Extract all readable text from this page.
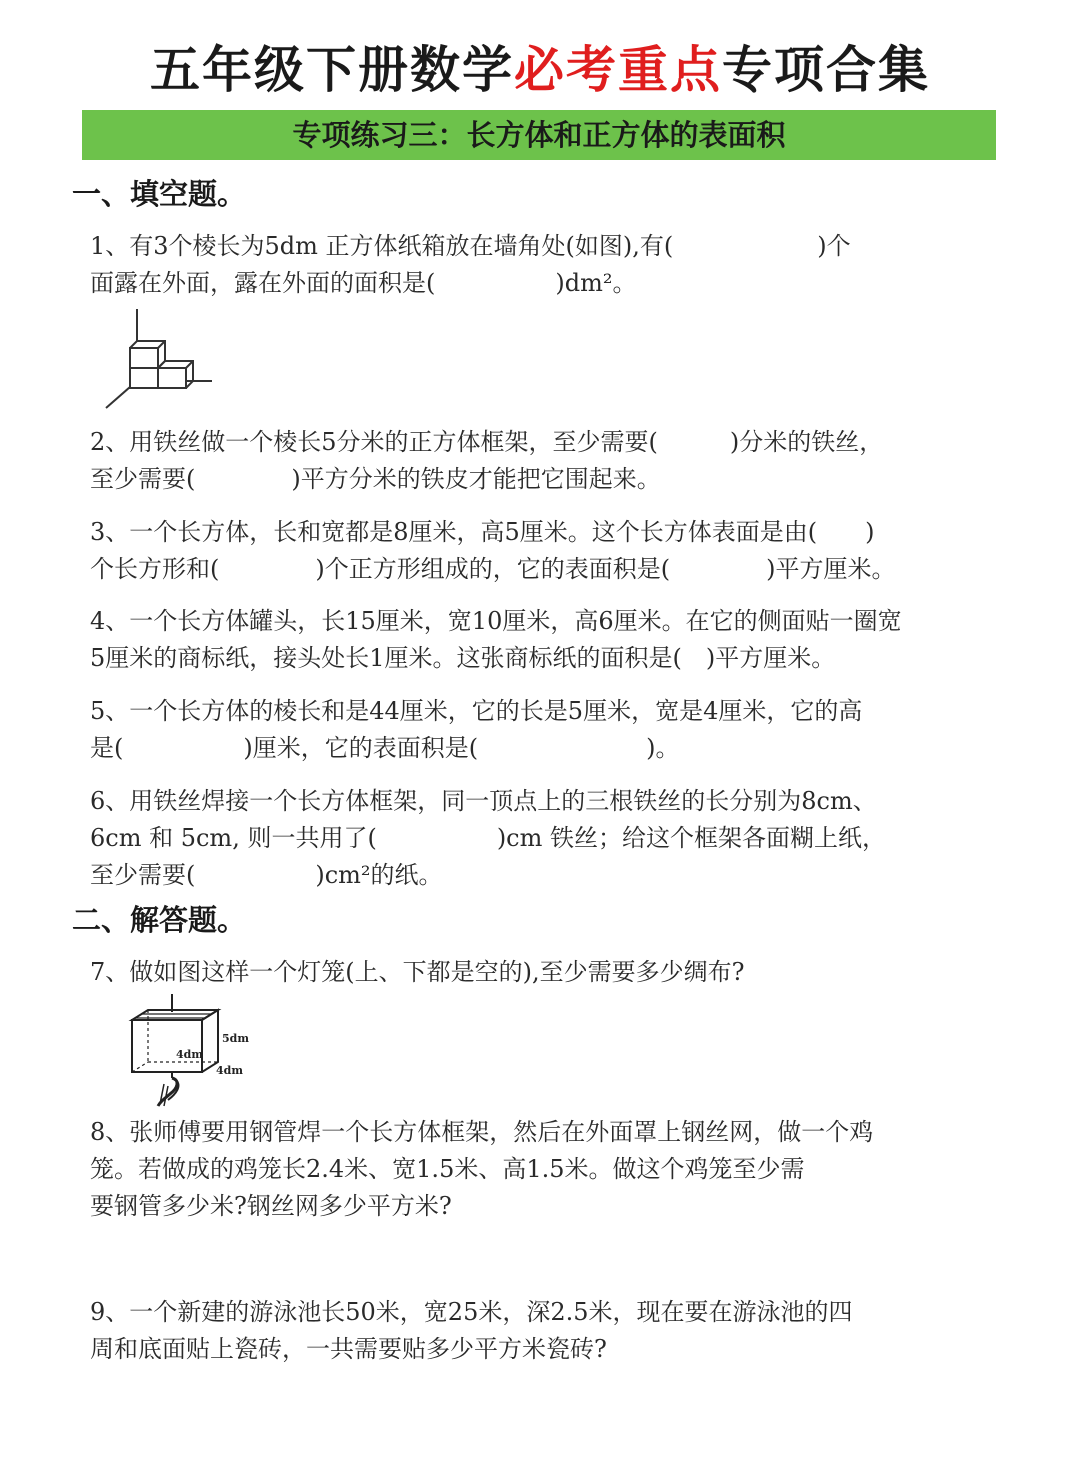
五年级下册数学必考重点专项合集
专项练习三：长方体和正方体的表面积
一、填空题。
1、有3个棱长为5dm 正方体纸箱放在墙角处(如图),有(　　　　　　)个
面露在外面，露在外面的面积是(　　　　　)dm²。
2、用铁丝做一个棱长5分米的正方体框架，至少需要(　　　)分米的铁丝，
至少需要(　　　　)平方分米的铁皮才能把它围起来。
3、一个长方体，长和宽都是8厘米，高5厘米。这个长方体表面是由(　　)
个长方形和(　　　　)个正方形组成的，它的表面积是(　　　　)平方厘米。
4、一个长方体罐头，长15厘米，宽10厘米，高6厘米。在它的侧面贴一圈宽
5厘米的商标纸，接头处长1厘米。这张商标纸的面积是(　)平方厘米。
5、一个长方体的棱长和是44厘米，它的长是5厘米，宽是4厘米，它的高
是(　　　　　)厘米，它的表面积是(　　　　　　　)。
6、用铁丝焊接一个长方体框架，同一顶点上的三根铁丝的长分别为8cm、
6cm 和 5cm, 则一共用了(　　　　　)cm 铁丝；给这个框架各面糊上纸，
至少需要(　　　　　)cm²的纸。
二、解答题。
7、做如图这样一个灯笼(上、下都是空的),至少需要多少绸布?
5dm
4dm
4dm
8、张师傅要用钢管焊一个长方体框架，然后在外面罩上钢丝网，做一个鸡
笼。若做成的鸡笼长2.4米、宽1.5米、高1.5米。做这个鸡笼至少需
要钢管多少米?钢丝网多少平方米?
9、一个新建的游泳池长50米，宽25米，深2.5米，现在要在游泳池的四
周和底面贴上瓷砖，一共需要贴多少平方米瓷砖?
